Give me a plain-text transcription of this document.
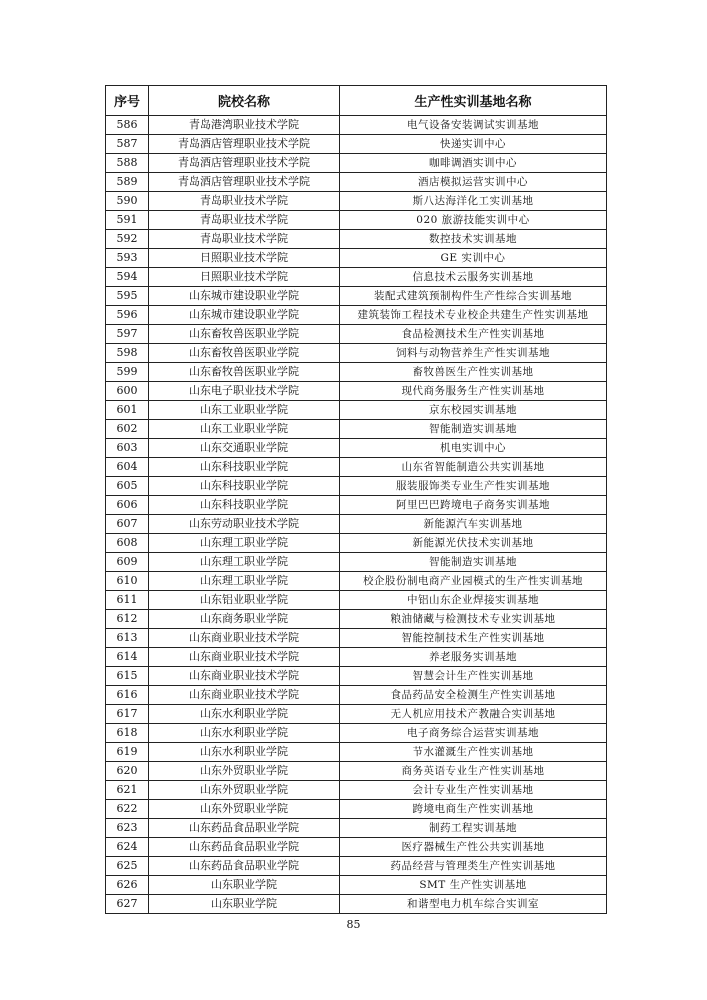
序号	院校名称	生产性实训基地名称
586	青岛港湾职业技术学院	电气设备安装调试实训基地
587	青岛酒店管理职业技术学院	快递实训中心
588	青岛酒店管理职业技术学院	咖啡调酒实训中心
589	青岛酒店管理职业技术学院	酒店模拟运营实训中心
590	青岛职业技术学院	斯八达海洋化工实训基地
591	青岛职业技术学院	020 旅游技能实训中心
592	青岛职业技术学院	数控技术实训基地
593	日照职业技术学院	GE 实训中心
594	日照职业技术学院	信息技术云服务实训基地
595	山东城市建设职业学院	装配式建筑预制构件生产性综合实训基地
596	山东城市建设职业学院	建筑装饰工程技术专业校企共建生产性实训基地
597	山东畜牧兽医职业学院	食品检测技术生产性实训基地
598	山东畜牧兽医职业学院	饲料与动物营养生产性实训基地
599	山东畜牧兽医职业学院	畜牧兽医生产性实训基地
600	山东电子职业技术学院	现代商务服务生产性实训基地
601	山东工业职业学院	京东校园实训基地
602	山东工业职业学院	智能制造实训基地
603	山东交通职业学院	机电实训中心
604	山东科技职业学院	山东省智能制造公共实训基地
605	山东科技职业学院	服装服饰类专业生产性实训基地
606	山东科技职业学院	阿里巴巴跨境电子商务实训基地
607	山东劳动职业技术学院	新能源汽车实训基地
608	山东理工职业学院	新能源光伏技术实训基地
609	山东理工职业学院	智能制造实训基地
610	山东理工职业学院	校企股份制电商产业园模式的生产性实训基地
611	山东铝业职业学院	中铝山东企业焊接实训基地
612	山东商务职业学院	粮油储藏与检测技术专业实训基地
613	山东商业职业技术学院	智能控制技术生产性实训基地
614	山东商业职业技术学院	养老服务实训基地
615	山东商业职业技术学院	智慧会计生产性实训基地
616	山东商业职业技术学院	食品药品安全检测生产性实训基地
617	山东水利职业学院	无人机应用技术产教融合实训基地
618	山东水利职业学院	电子商务综合运营实训基地
619	山东水利职业学院	节水灌溉生产性实训基地
620	山东外贸职业学院	商务英语专业生产性实训基地
621	山东外贸职业学院	会计专业生产性实训基地
622	山东外贸职业学院	跨境电商生产性实训基地
623	山东药品食品职业学院	制药工程实训基地
624	山东药品食品职业学院	医疗器械生产性公共实训基地
625	山东药品食品职业学院	药品经营与管理类生产性实训基地
626	山东职业学院	SMT 生产性实训基地
627	山东职业学院	和谐型电力机车综合实训室
85
